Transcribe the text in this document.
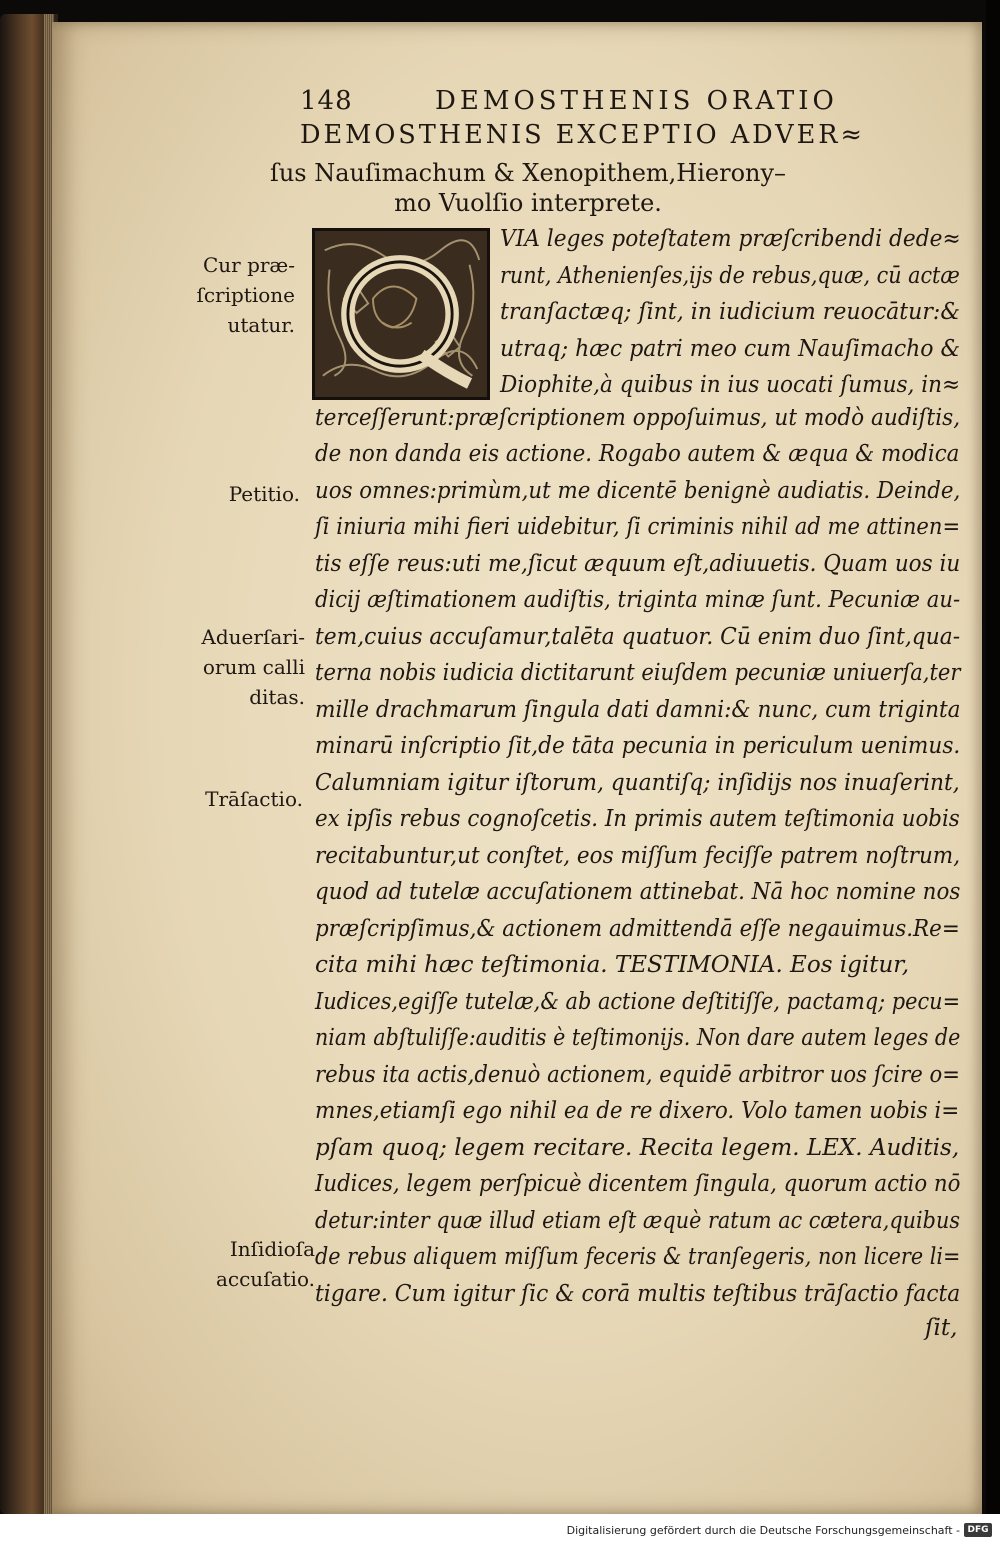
148	DEMOSTHENIS ORATIO
DEMOSTHENIS EXCEPTIO ADVER≈
ſus Nauſimachum & Xenopithem,Hierony–
mo Vuolſio interprete.
Cur præ-
ſcriptione
utatur.
Petitio.
Aduerſari-
orum calli
ditas.
Trāſactio.
Inſidioſa
accuſatio.
VIA leges poteſtatem præſcribendi dede≈
runt, Athenienſes,ijs de rebus,quæ, cū actæ
tranſactæq; ſint, in iudicium reuocātur:&
utraq; hæc patri meo cum Nauſimacho &
Diophite,à quibus in ius uocati ſumus, in≈
terceſſerunt:præſcriptionem oppoſuimus, ut modò audiſtis,
de non danda eis actione. Rogabo autem & æqua & modica
uos omnes:primùm,ut me dicentē benignè audiatis. Deinde,
ſi iniuria mihi fieri uidebitur, ſi criminis nihil ad me attinen=
tis eſſe reus:uti me,ſicut æquum eſt,adiuuetis. Quam uos iu
dicij æſtimationem audiſtis, triginta minæ ſunt. Pecuniæ au-
tem,cuius accuſamur,talēta quatuor. Cū enim duo ſint,qua-
terna nobis iudicia dictitarunt eiuſdem pecuniæ uniuerſa,ter
mille drachmarum ſingula dati damni:& nunc, cum triginta
minarū inſcriptio ſit,de tāta pecunia in periculum uenimus.
Calumniam igitur iſtorum, quantiſq; inſidijs nos inuaſerint,
ex ipſis rebus cognoſcetis. In primis autem teſtimonia uobis
recitabuntur,ut conſtet, eos miſſum feciſſe patrem noſtrum,
quod ad tutelæ accuſationem attinebat. Nā hoc nomine nos
præſcripſimus,& actionem admittendā eſſe negauimus.Re=
cita mihi hæc teſtimonia. TESTIMONIA. Eos igitur,
Iudices,egiſſe tutelæ,& ab actione deſtitiſſe, pactamq; pecu=
niam abſtuliſſe:auditis è teſtimonijs. Non dare autem leges de
rebus ita actis,denuò actionem, equidē arbitror uos ſcire o=
mnes,etiamſi ego nihil ea de re dixero. Volo tamen uobis i=
pſam quoq; legem recitare. Recita legem. LEX. Auditis,
Iudices, legem perſpicuè dicentem ſingula, quorum actio nō
detur:inter quæ illud etiam eſt æquè ratum ac cætera,quibus
de rebus aliquem miſſum feceris & tranſegeris, non licere li=
tigare. Cum igitur ſic & corā multis teſtibus trāſactio facta
ſit,
Digitalisierung gefördert durch die Deutsche Forschungsgemeinschaft - DFG
